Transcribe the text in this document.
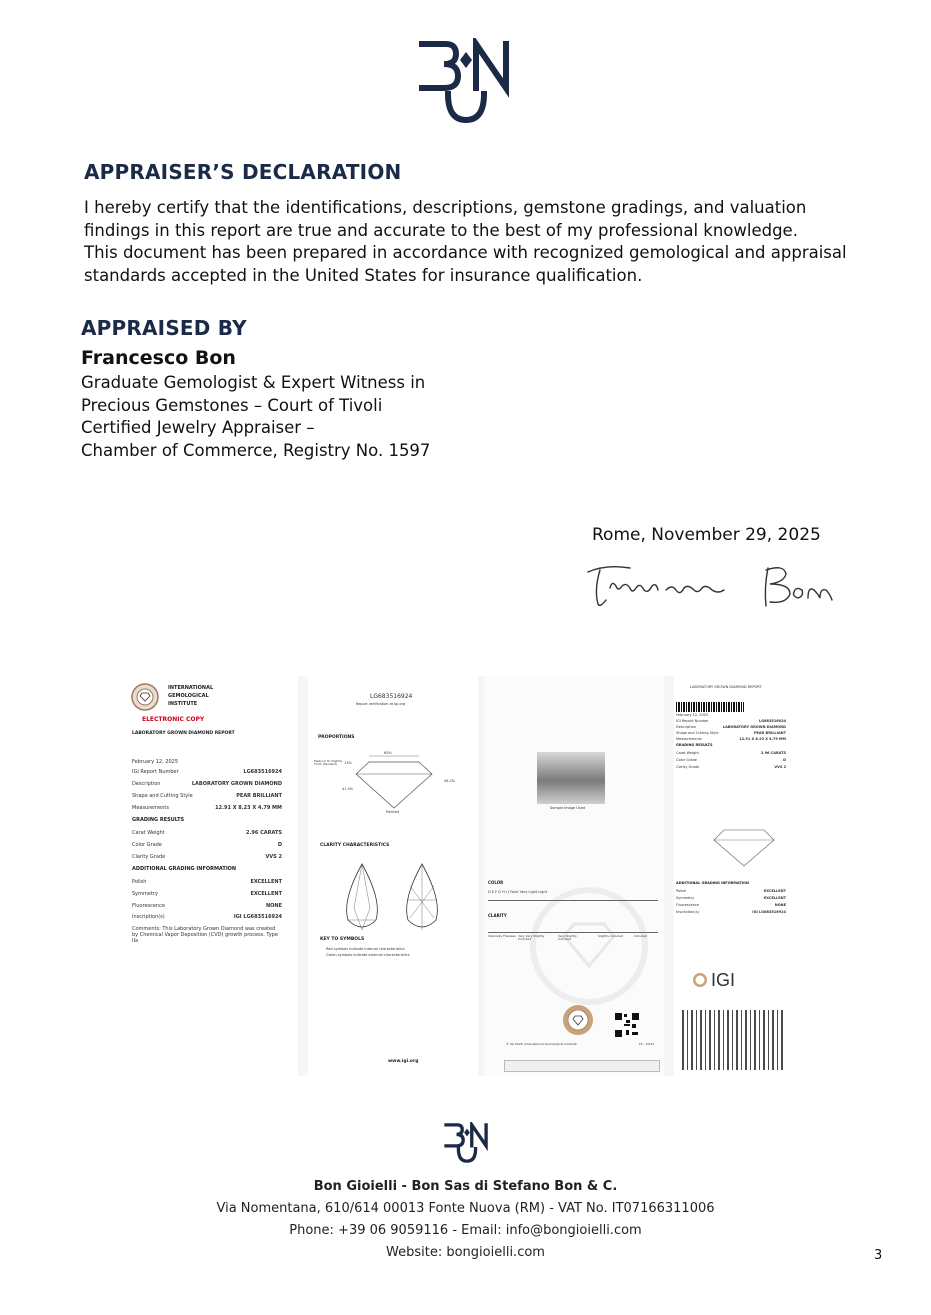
APPRAISER’S DECLARATION

I hereby certify that the identifications, descriptions, gemstone gradings, and valuation

findings in this report are true and accurate to the best of my professional knowledge.

This document has been prepared in accordance with recognized gemological and appraisal

standards accepted in the United States for insurance qualification.

APPRAISED BY
Francesco Bon

Graduate Gemologist & Expert Witness in

Precious Gemstones – Court of Tivoli

Certified Jewelry Appraiser –

Chamber of Commerce, Registry No. 1597

Rome, November 29, 2025
INTERNATIONAL
GEMOLOGICAL
INSTITUTE
ELECTRONIC COPY
LABORATORY GROWN DIAMOND REPORT
February 12, 2025
IGI Report Number	LG683516924
Description	LABORATORY GROWN DIAMOND
Shape and Cutting Style	PEAR BRILLIANT
Measurements	12.91 X 8.23 X 4.79 MM
GRADING RESULTS
Carat Weight	2.96 CARATS
Color Grade	D
Clarity Grade	VVS 2
ADDITIONAL GRADING INFORMATION
Polish	EXCELLENT
Symmetry	EXCELLENT
Fluorescence	NONE
Inscription(s)	IGI LG683516924
Comments: This Laboratory Grown Diamond was created by Chemical Vapor Deposition (CVD) growth process. Type IIa
LG683516924
Report verification at igi.org
PROPORTIONS
65%
58.2%
Medium To Slightly Thick (Faceted)	13%
41.5%
Pointed
CLARITY CHARACTERISTICS
KEY TO SYMBOLS
Red symbols indicate internal characteristics
Green symbols indicate external characteristics
www.igi.org
Sample Image Used
COLOR
D E F G H I J Faint Very Light Light
CLARITY
Internally Flawless Very Very Slightly Included
Very Slightly Included
Slightly Included	Included
© IGI 2025. International Gemological Institute	FS - 10/23
LABORATORY GROWN DIAMOND REPORT
February 12, 2025
IGI Report Number	LG683516924
Description	LABORATORY GROWN DIAMOND
Shape and Cutting Style	PEAR BRILLIANT
Measurements	12.91 X 8.23 X 4.79 MM
GRADING RESULTS
Carat Weight	2.96 CARATS
Color Grade	D
Clarity Grade	VVS 2
ADDITIONAL GRADING INFORMATION
Polish	EXCELLENT
Symmetry	EXCELLENT
Fluorescence	NONE
Inscription(s)	IGI LG683516924
IGI
Bon Gioielli - Bon Sas di Stefano Bon & C.
Via Nomentana, 610/614 00013 Fonte Nuova (RM) - VAT No. IT07166311006
Phone: +39 06 9059116 - Email: info@bongioielli.com
Website: bongioielli.com	3
